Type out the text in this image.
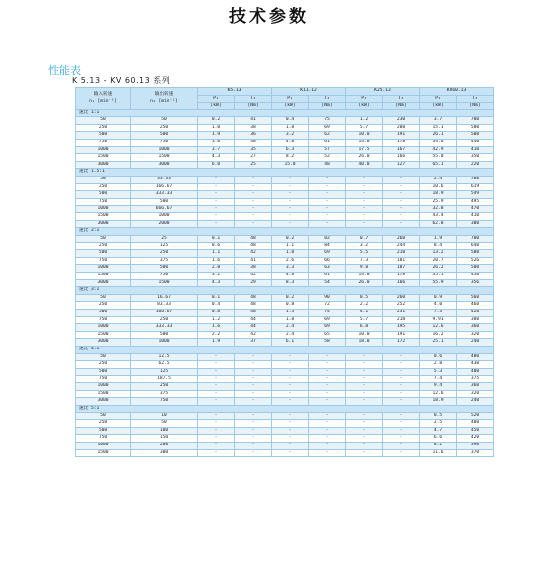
技术参数
性能表
K 5.13 - KV 60.13 系列
输入转速
n₁ [min⁻¹]	输出转速
n₂ [min⁻¹]	K5.13		K11.12		K25.13		KV60.13	
		P₁	T₂	P₁	T₂	P₁	T₂	P₁	T₂
		[kW]	[Nm]	[kW]	[Nm]	[kW]	[Nm]	[kW]	[Nm]
速比 1:1									
50	50	0.2	41	0.4	75	1.2	230	3.7	700
250	250	1.0	38	1.8	69	5.7	208	15.1	580
500	500	1.9	36	3.2	62	10.0	191	26.1	500
750	750	3.0	38	4.8	61	14.0	178	34.6	440
1000	1000	3.7	35	6.3	57	17.5	167	42.9	410
1500	1500	4.3	27	8.2	52	26.0	166	55.0	350
3000	3000	6.0	25	15.0	48	40.0	127	65.1	220
速比 1.5:1									
50	33.33	-	-	-	-	-	-	2.4	700
250	166.67	-	-	-	-	-	-	10.6	619
500	333.33	-	-	-	-	-	-	18.9	549
750	500	-	-	-	-	-	-	25.9	495
1000	666.67	-	-	-	-	-	-	32.8	470
1500	1000	-	-	-	-	-	-	43.4	410
3000	2000	-	-	-	-	-	-	62.8	300
速比 2:1									
50	25	0.1	48	0.2	82	0.7	260	1.9	700
250	125	0.6	48	1.1	84	3.2	244	8.4	640
500	250	1.1	42	1.8	69	5.5	210	13.2	500
750	375	1.6	41	2.6	66	7.3	181	20.7	526
1000	500	2.0	38	3.3	63	9.8	187	26.2	500
1500	750	3.2	42	4.8	61	14.0	178	35.5	450
3000	1500	4.3	29	8.3	54	26.0	166	55.9	356
速比 3:1									
50	16.67	0.1	48	0.2	90	0.5	260	0.9	560
250	83.33	0.4	48	0.8	72	2.2	252	4.0	460
500	166.67	0.8	48	1.3	74	4.1	231	7.3	420
750	250	1.2	44	1.8	69	5.7	218	9.91	380
1000	333.33	1.6	44	2.4	69	6.8	195	12.6	360
1500	500	2.2	42	2.4	65	10.0	191	16.2	320
3000	1000	1.9	37	6.1	58	18.0	172	25.1	240
速比 4:1									
50	12.5	-	-	-	-	-	-	0.6	480
250	62.5	-	-	-	-	-	-	2.8	430
500	125	-	-	-	-	-	-	5.3	400
750	187.5	-	-	-	-	-	-	7.4	375
1000	250	-	-	-	-	-	-	9.4	360
1500	375	-	-	-	-	-	-	12.6	320
3000	750	-	-	-	-	-	-	18.9	240
速比 5:1									
50	10	-	-	-	-	-	-	0.5	520
250	50	-	-	-	-	-	-	2.5	480
500	100	-	-	-	-	-	-	4.7	450
750	150	-	-	-	-	-	-	6.6	420
1000	200	-	-	-	-	-	-	8.2	390
1500	300	-	-	-	-	-	-	11.6	370
